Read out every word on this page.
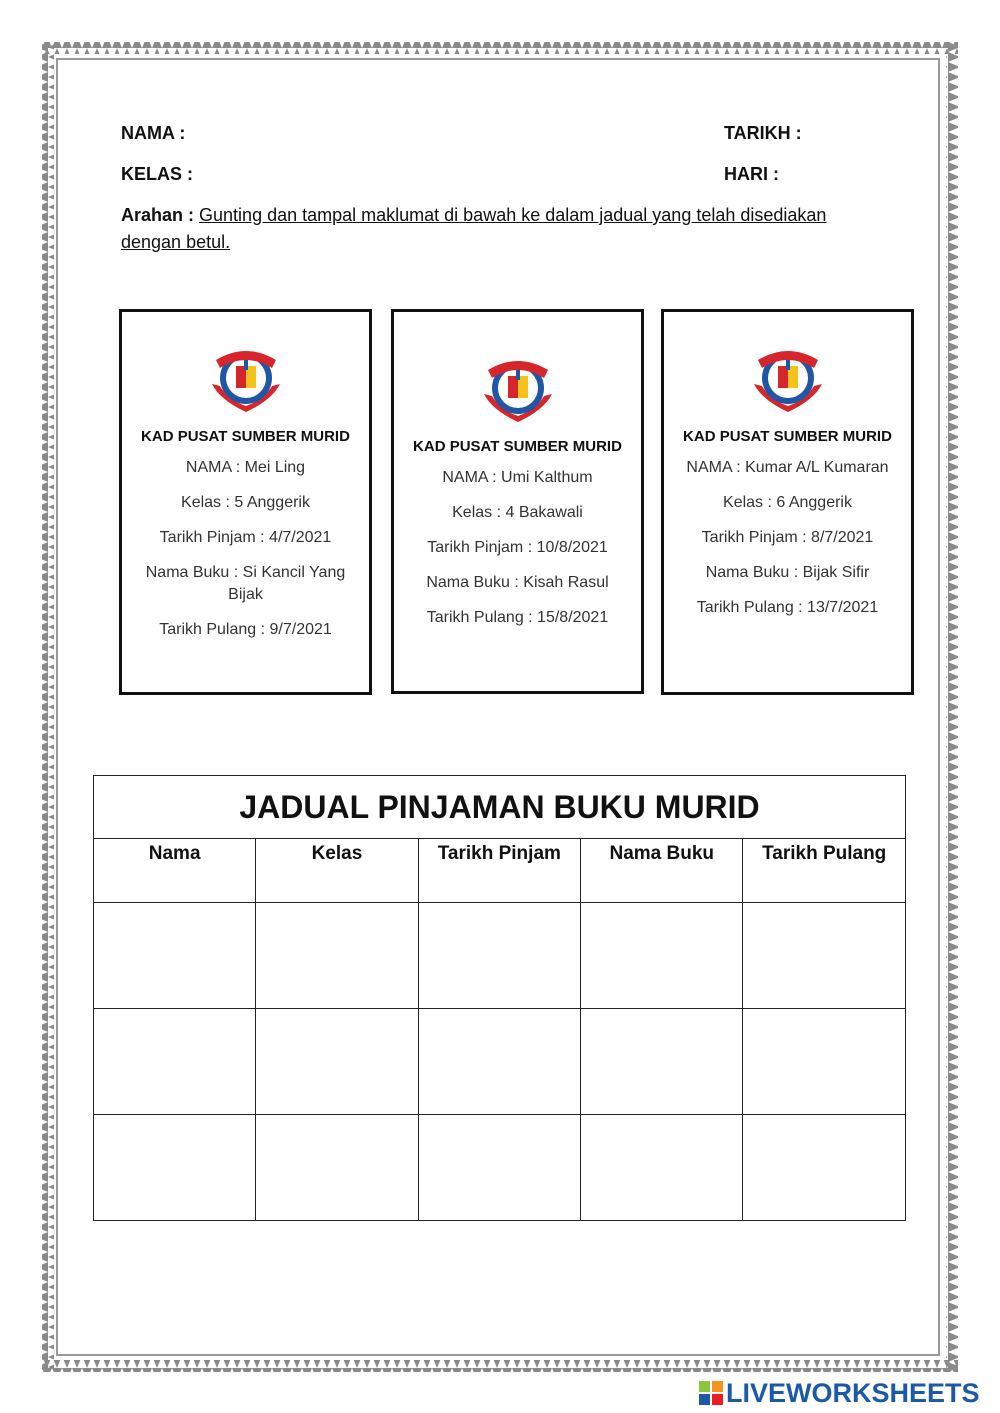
NAMA :	TARIKH :
KELAS :	HARI :
Arahan : Gunting dan tampal maklumat di bawah ke dalam jadual yang telah disediakan dengan betul.
KAD PUSAT SUMBER MURID
NAMA : Mei Ling
Kelas : 5 Anggerik
Tarikh Pinjam : 4/7/2021
Nama Buku : Si Kancil Yang Bijak
Tarikh Pulang : 9/7/2021
KAD PUSAT SUMBER MURID
NAMA : Umi Kalthum
Kelas : 4 Bakawali
Tarikh Pinjam : 10/8/2021
Nama Buku : Kisah Rasul
Tarikh Pulang : 15/8/2021
KAD PUSAT SUMBER MURID
NAMA : Kumar A/L Kumaran
Kelas : 6 Anggerik
Tarikh Pinjam : 8/7/2021
Nama Buku : Bijak Sifir
Tarikh Pulang : 13/7/2021
JADUAL PINJAMAN BUKU MURID				
Nama	Kelas	Tarikh Pinjam	Nama Buku	Tarikh Pulang

LIVEWORKSHEETS
